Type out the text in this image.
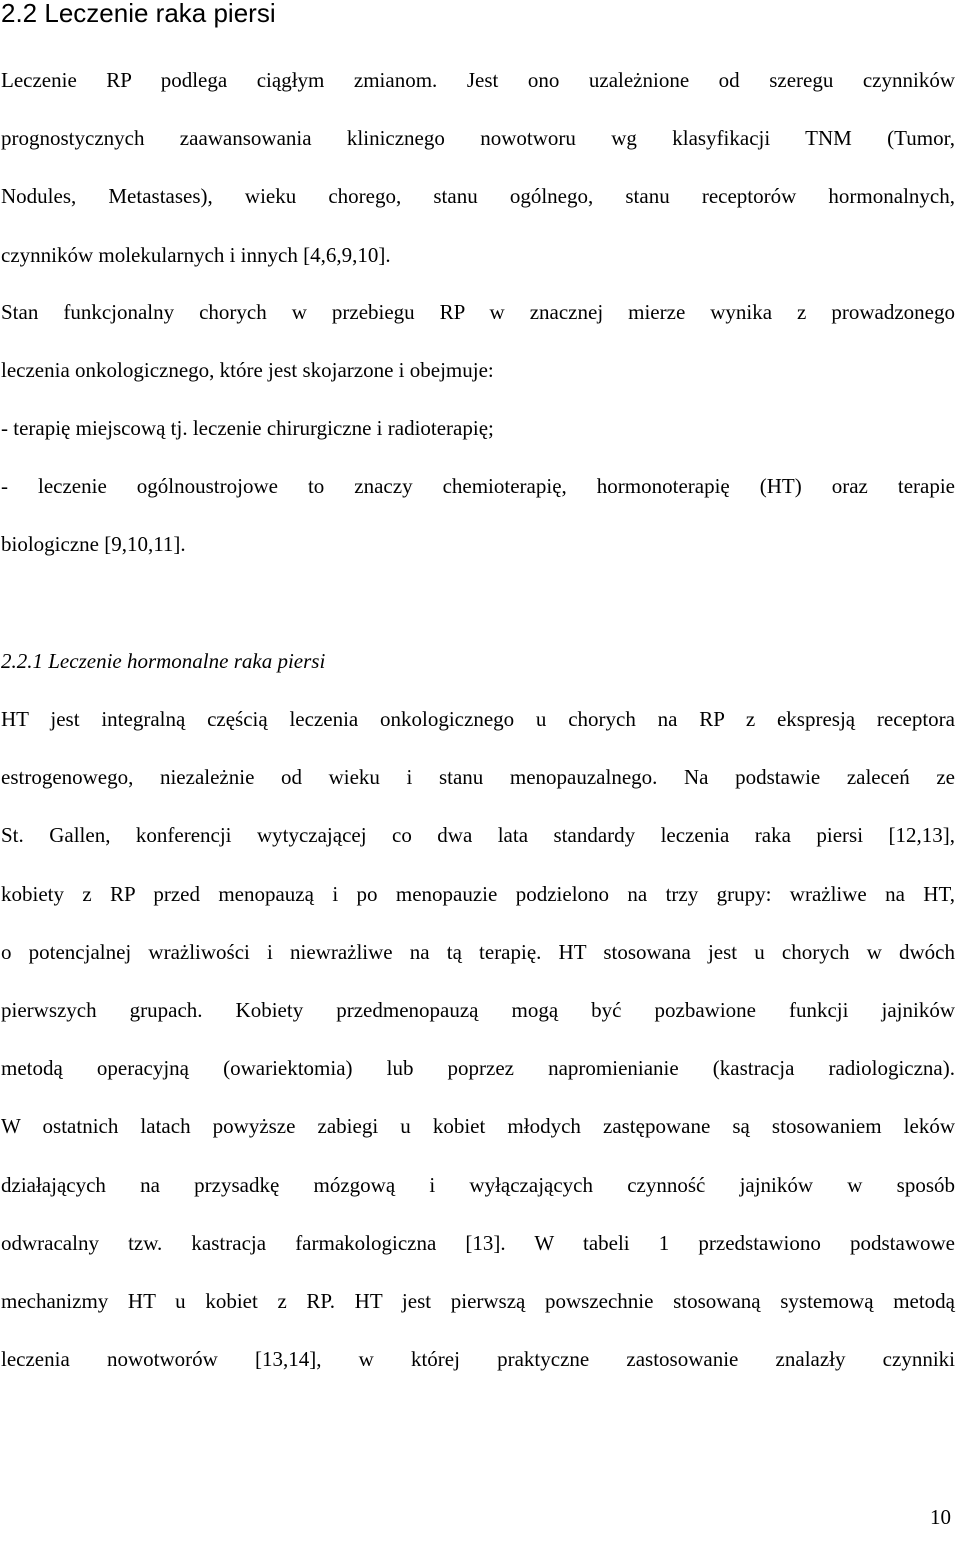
2.2 Leczenie raka piersi

Leczenie RP podlega ciągłym zmianom. Jest ono uzależnione od szeregu czynników
prognostycznych zaawansowania klinicznego nowotworu wg klasyfikacji TNM (Tumor,
Nodules, Metastases), wieku chorego, stanu ogólnego, stanu receptorów hormonalnych,
czynników molekularnych i innych [4,6,9,10].

Stan funkcjonalny chorych w przebiegu RP w znacznej mierze wynika z prowadzonego
leczenia onkologicznego, które jest skojarzone i obejmuje:

- terapię miejscową tj. leczenie chirurgiczne i radioterapię;

- leczenie ogólnoustrojowe to znaczy chemioterapię, hormonoterapię (HT) oraz terapie
biologiczne [9,10,11].

2.2.1 Leczenie hormonalne raka piersi

HT jest integralną częścią leczenia onkologicznego u chorych na RP z ekspresją receptora
estrogenowego, niezależnie od wieku i stanu menopauzalnego. Na podstawie zaleceń ze
St. Gallen, konferencji wytyczającej co dwa lata standardy leczenia raka piersi [12,13],
kobiety z RP przed menopauzą i po menopauzie podzielono na trzy grupy: wrażliwe na HT,
o potencjalnej wrażliwości i niewrażliwe na tą terapię. HT stosowana jest u chorych w dwóch
pierwszych grupach. Kobiety przedmenopauzą mogą być pozbawione funkcji jajników
metodą operacyjną (owariektomia) lub poprzez napromienianie (kastracja radiologiczna).
W ostatnich latach powyższe zabiegi u kobiet młodych zastępowane są stosowaniem leków
działających na przysadkę mózgową i wyłączających czynność jajników w sposób
odwracalny tzw. kastracja farmakologiczna [13]. W tabeli 1 przedstawiono podstawowe
mechanizmy HT u kobiet z RP. HT jest pierwszą powszechnie stosowaną systemową metodą
leczenia nowotworów [13,14], w której praktyczne zastosowanie znalazły czynniki

10
